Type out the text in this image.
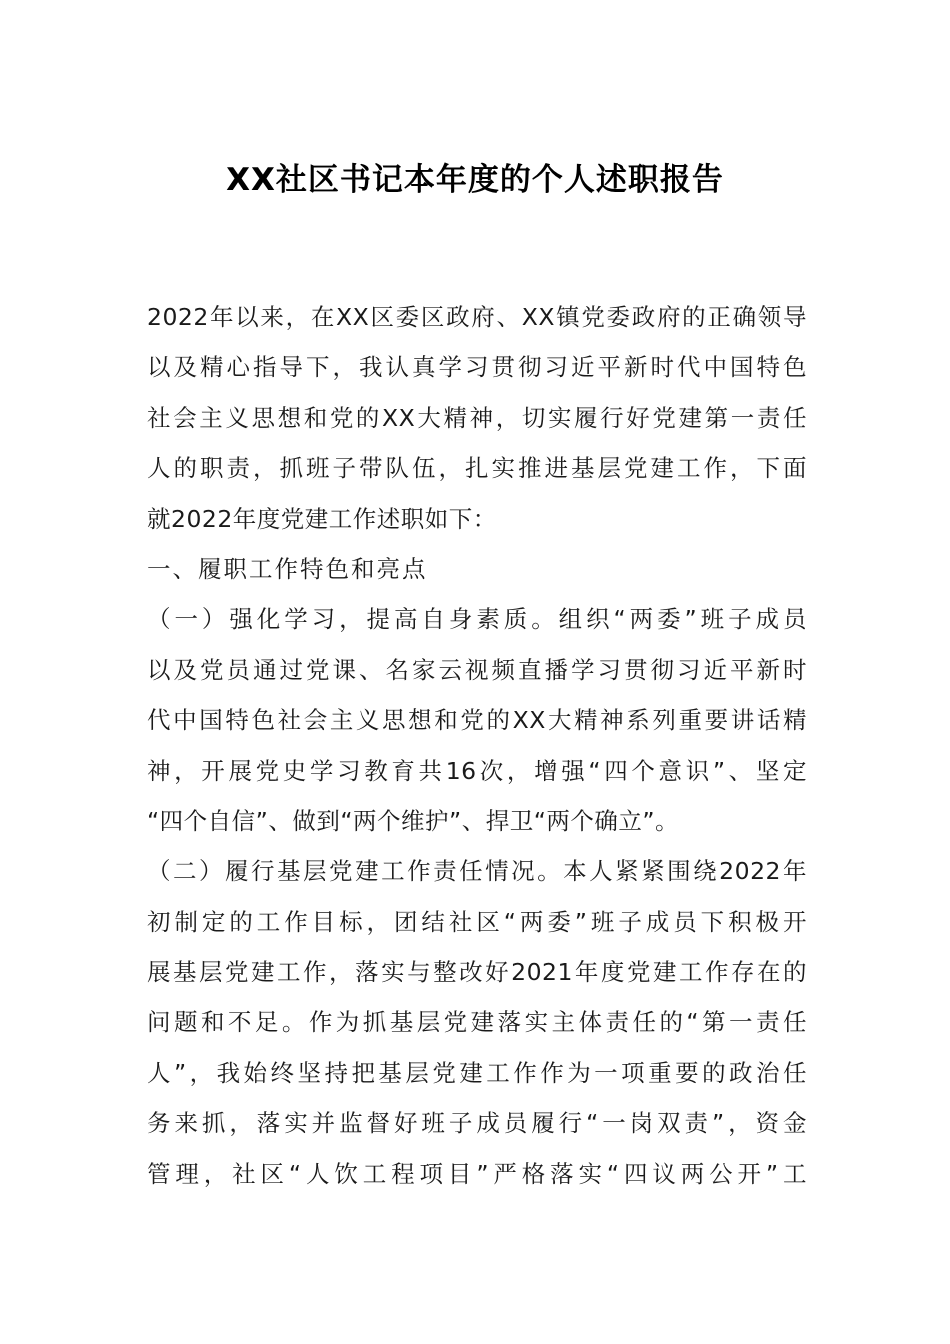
XX社区书记本年度的个人述职报告
2022年以来，在XX区委区政府、XX镇党委政府的正确领导
以及精心指导下，我认真学习贯彻习近平新时代中国特色
社会主义思想和党的XX大精神，切实履行好党建第一责任
人的职责，抓班子带队伍，扎实推进基层党建工作，下面
就2022年度党建工作述职如下：
一、履职工作特色和亮点
（一）强化学习，提高自身素质。组织“两委”班子成员
以及党员通过党课、名家云视频直播学习贯彻习近平新时
代中国特色社会主义思想和党的XX大精神系列重要讲话精
神，开展党史学习教育共16次，增强“四个意识”、坚定
“四个自信”、做到“两个维护”、捍卫“两个确立”。
（二）履行基层党建工作责任情况。本人紧紧围绕2022年
初制定的工作目标，团结社区“两委”班子成员下积极开
展基层党建工作，落实与整改好2021年度党建工作存在的
问题和不足。作为抓基层党建落实主体责任的“第一责任
人”，我始终坚持把基层党建工作作为一项重要的政治任
务来抓，落实并监督好班子成员履行“一岗双责”，资金
管理，社区“人饮工程项目”严格落实“四议两公开”工
